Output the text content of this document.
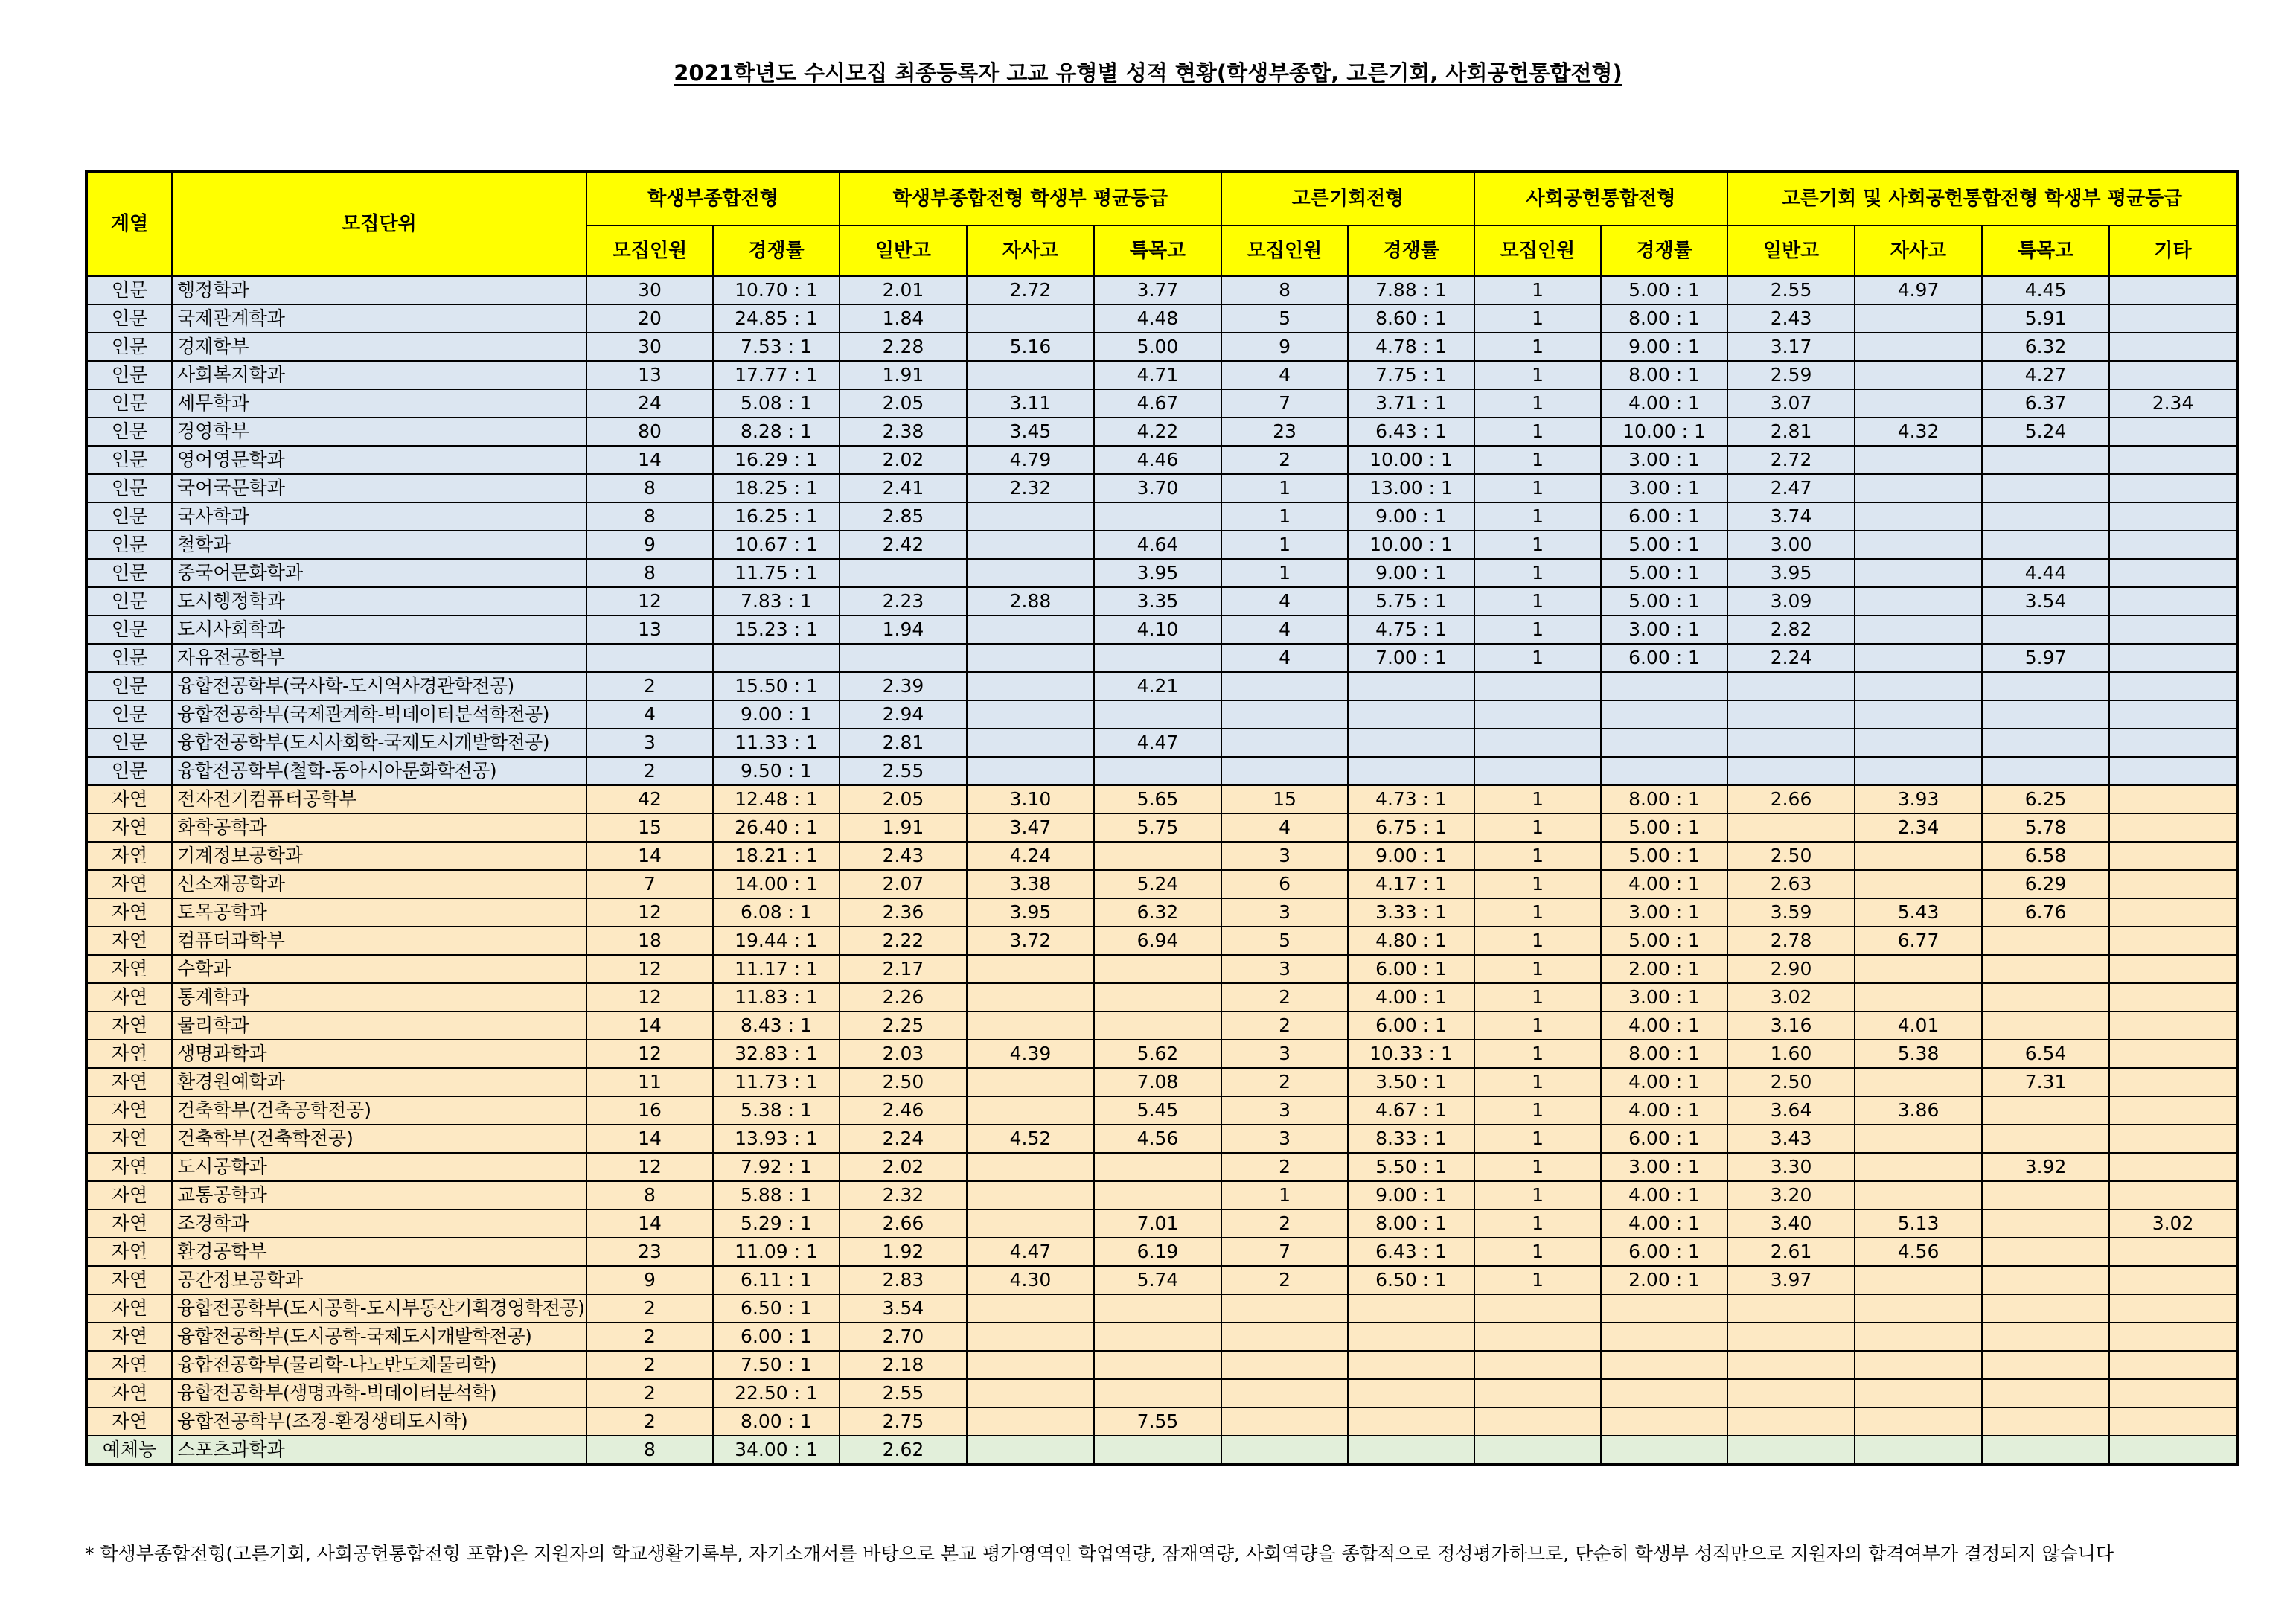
2021학년도 수시모집 최종등록자 고교 유형별 성적 현황(학생부종합, 고른기회, 사회공헌통합전형)
계열	모집단위	학생부종합전형		학생부종합전형 학생부 평균등급			고른기회전형		사회공헌통합전형		고른기회 및 사회공헌통합전형 학생부 평균등급			
		모집인원	경쟁률	일반고	자사고	특목고	모집인원	경쟁률	모집인원	경쟁률	일반고	자사고	특목고	기타
인문	행정학과	30	10.70 : 1	2.01	2.72	3.77	8	7.88 : 1	1	5.00 : 1	2.55	4.97	4.45	
인문	국제관계학과	20	24.85 : 1	1.84		4.48	5	8.60 : 1	1	8.00 : 1	2.43		5.91	
인문	경제학부	30	7.53 : 1	2.28	5.16	5.00	9	4.78 : 1	1	9.00 : 1	3.17		6.32	
인문	사회복지학과	13	17.77 : 1	1.91		4.71	4	7.75 : 1	1	8.00 : 1	2.59		4.27	
인문	세무학과	24	5.08 : 1	2.05	3.11	4.67	7	3.71 : 1	1	4.00 : 1	3.07		6.37	2.34
인문	경영학부	80	8.28 : 1	2.38	3.45	4.22	23	6.43 : 1	1	10.00 : 1	2.81	4.32	5.24	
인문	영어영문학과	14	16.29 : 1	2.02	4.79	4.46	2	10.00 : 1	1	3.00 : 1	2.72			
인문	국어국문학과	8	18.25 : 1	2.41	2.32	3.70	1	13.00 : 1	1	3.00 : 1	2.47			
인문	국사학과	8	16.25 : 1	2.85			1	9.00 : 1	1	6.00 : 1	3.74			
인문	철학과	9	10.67 : 1	2.42		4.64	1	10.00 : 1	1	5.00 : 1	3.00			
인문	중국어문화학과	8	11.75 : 1			3.95	1	9.00 : 1	1	5.00 : 1	3.95		4.44	
인문	도시행정학과	12	7.83 : 1	2.23	2.88	3.35	4	5.75 : 1	1	5.00 : 1	3.09		3.54	
인문	도시사회학과	13	15.23 : 1	1.94		4.10	4	4.75 : 1	1	3.00 : 1	2.82			
인문	자유전공학부						4	7.00 : 1	1	6.00 : 1	2.24		5.97	
인문	융합전공학부(국사학-도시역사경관학전공)	2	15.50 : 1	2.39		4.21								
인문	융합전공학부(국제관계학-빅데이터분석학전공)	4	9.00 : 1	2.94										
인문	융합전공학부(도시사회학-국제도시개발학전공)	3	11.33 : 1	2.81		4.47								
인문	융합전공학부(철학-동아시아문화학전공)	2	9.50 : 1	2.55										
자연	전자전기컴퓨터공학부	42	12.48 : 1	2.05	3.10	5.65	15	4.73 : 1	1	8.00 : 1	2.66	3.93	6.25	
자연	화학공학과	15	26.40 : 1	1.91	3.47	5.75	4	6.75 : 1	1	5.00 : 1		2.34	5.78	
자연	기계정보공학과	14	18.21 : 1	2.43	4.24		3	9.00 : 1	1	5.00 : 1	2.50		6.58	
자연	신소재공학과	7	14.00 : 1	2.07	3.38	5.24	6	4.17 : 1	1	4.00 : 1	2.63		6.29	
자연	토목공학과	12	6.08 : 1	2.36	3.95	6.32	3	3.33 : 1	1	3.00 : 1	3.59	5.43	6.76	
자연	컴퓨터과학부	18	19.44 : 1	2.22	3.72	6.94	5	4.80 : 1	1	5.00 : 1	2.78	6.77		
자연	수학과	12	11.17 : 1	2.17			3	6.00 : 1	1	2.00 : 1	2.90			
자연	통계학과	12	11.83 : 1	2.26			2	4.00 : 1	1	3.00 : 1	3.02			
자연	물리학과	14	8.43 : 1	2.25			2	6.00 : 1	1	4.00 : 1	3.16	4.01		
자연	생명과학과	12	32.83 : 1	2.03	4.39	5.62	3	10.33 : 1	1	8.00 : 1	1.60	5.38	6.54	
자연	환경원예학과	11	11.73 : 1	2.50		7.08	2	3.50 : 1	1	4.00 : 1	2.50		7.31	
자연	건축학부(건축공학전공)	16	5.38 : 1	2.46		5.45	3	4.67 : 1	1	4.00 : 1	3.64	3.86		
자연	건축학부(건축학전공)	14	13.93 : 1	2.24	4.52	4.56	3	8.33 : 1	1	6.00 : 1	3.43			
자연	도시공학과	12	7.92 : 1	2.02			2	5.50 : 1	1	3.00 : 1	3.30		3.92	
자연	교통공학과	8	5.88 : 1	2.32			1	9.00 : 1	1	4.00 : 1	3.20			
자연	조경학과	14	5.29 : 1	2.66		7.01	2	8.00 : 1	1	4.00 : 1	3.40	5.13		3.02
자연	환경공학부	23	11.09 : 1	1.92	4.47	6.19	7	6.43 : 1	1	6.00 : 1	2.61	4.56		
자연	공간정보공학과	9	6.11 : 1	2.83	4.30	5.74	2	6.50 : 1	1	2.00 : 1	3.97			
자연	융합전공학부(도시공학-도시부동산기획경영학전공)	2	6.50 : 1	3.54										
자연	융합전공학부(도시공학-국제도시개발학전공)	2	6.00 : 1	2.70										
자연	융합전공학부(물리학-나노반도체물리학)	2	7.50 : 1	2.18										
자연	융합전공학부(생명과학-빅데이터분석학)	2	22.50 : 1	2.55										
자연	융합전공학부(조경-환경생태도시학)	2	8.00 : 1	2.75		7.55								
예체능	스포츠과학과	8	34.00 : 1	2.62										
* 학생부종합전형(고른기회, 사회공헌통합전형 포함)은 지원자의 학교생활기록부, 자기소개서를 바탕으로 본교 평가영역인 학업역량, 잠재역량, 사회역량을 종합적으로 정성평가하므로, 단순히 학생부 성적만으로 지원자의 합격여부가 결정되지 않습니다
